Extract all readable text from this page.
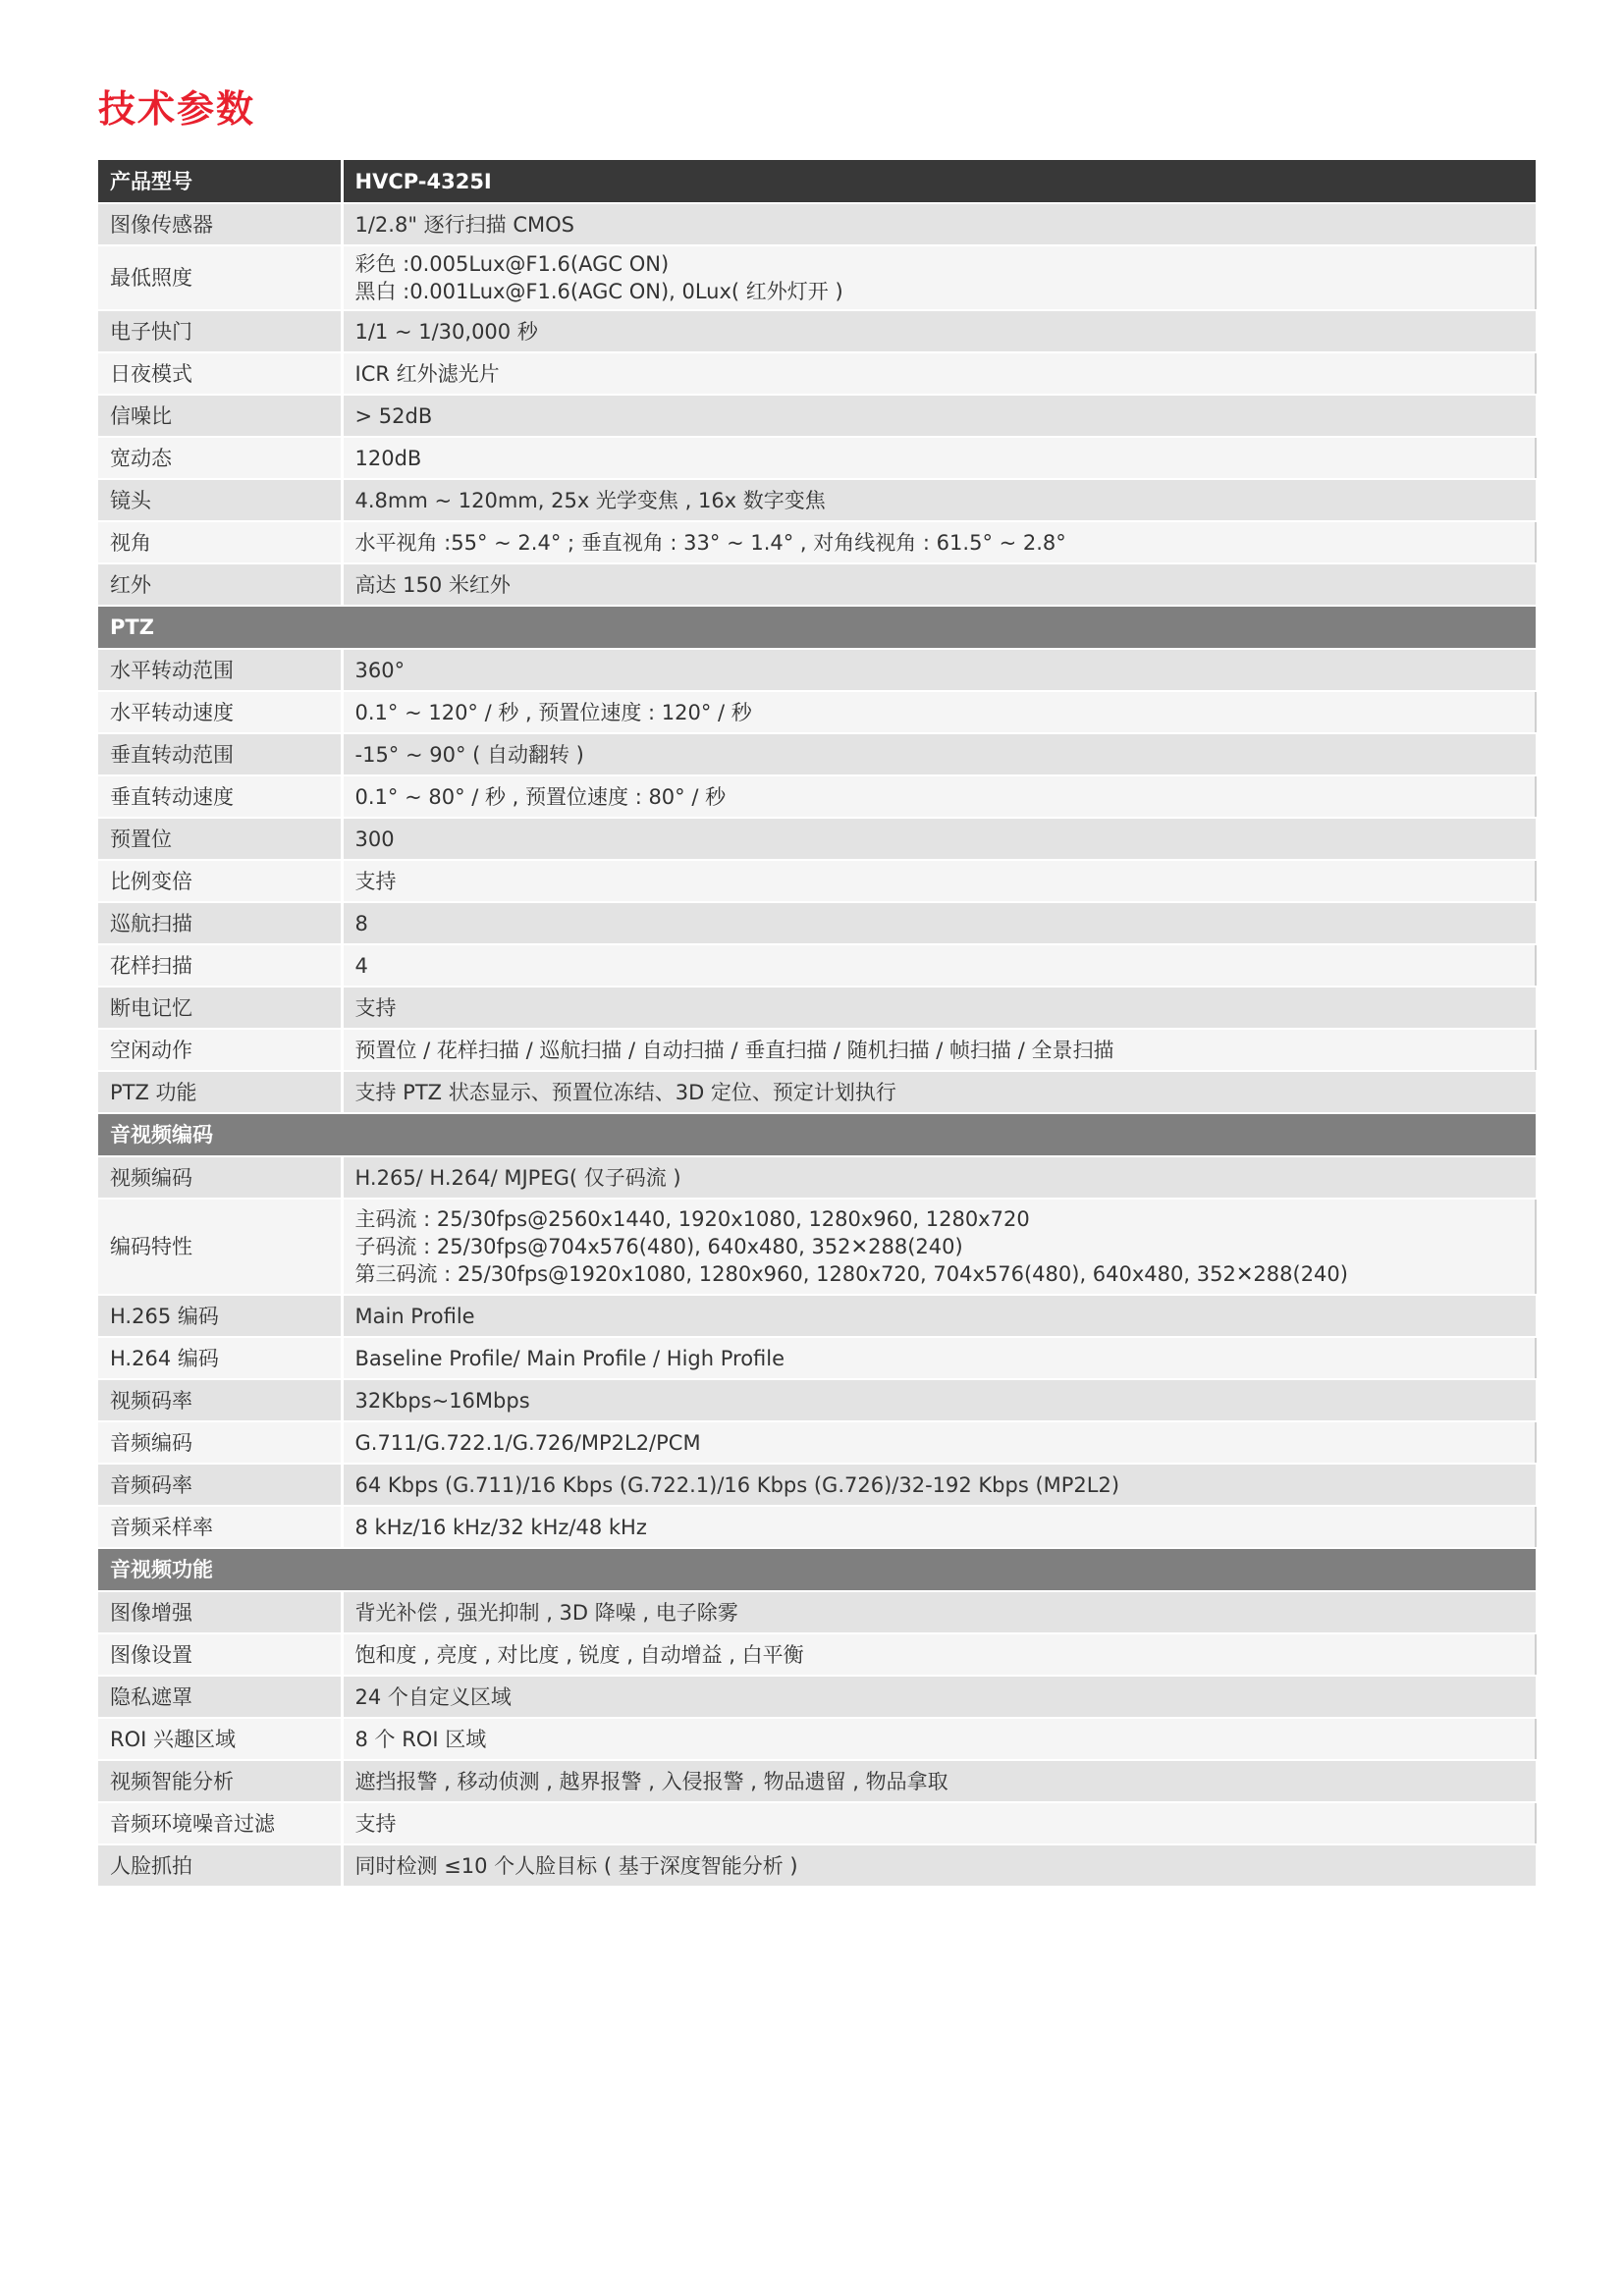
技术参数
产品型号	HVCP-4325I
图像传感器	1/2.8" 逐行扫描 CMOS

最低照度	彩色 :0.005Lux@F1.6(AGC ON)
黑白 :0.001Lux@F1.6(AGC ON), 0Lux( 红外灯开 )

电子快门	1/1 ~ 1/30,000 秒

日夜模式	ICR 红外滤光片

信噪比	> 52dB

宽动态	120dB

镜头	4.8mm ~ 120mm, 25x 光学变焦 , 16x 数字变焦

视角	水平视角 :55° ~ 2.4° ; 垂直视角 : 33° ~ 1.4° , 对角线视角 : 61.5° ~ 2.8°

红外	高达 150 米红外

PTZ	
水平转动范围	360°

水平转动速度	0.1° ~ 120° / 秒 , 预置位速度 : 120° / 秒

垂直转动范围	-15° ~ 90° ( 自动翻转 )

垂直转动速度	0.1° ~ 80° / 秒 , 预置位速度 : 80° / 秒

预置位	300

比例变倍	支持

巡航扫描	8

花样扫描	4

断电记忆	支持

空闲动作	预置位 / 花样扫描 / 巡航扫描 / 自动扫描 / 垂直扫描 / 随机扫描 / 帧扫描 / 全景扫描

PTZ 功能	支持 PTZ 状态显示、预置位冻结、3D 定位、预定计划执行

音视频编码	
视频编码	H.265/ H.264/ MJPEG( 仅子码流 )

编码特性	主码流 : 25/30fps@2560x1440, 1920x1080, 1280x960, 1280x720
子码流 : 25/30fps@704x576(480), 640x480, 352✕288(240)
第三码流 : 25/30fps@1920x1080, 1280x960, 1280x720, 704x576(480), 640x480, 352✕288(240)

H.265 编码	Main Profile

H.264 编码	Baseline Profile/ Main Profile / High Profile

视频码率	32Kbps~16Mbps

音频编码	G.711/G.722.1/G.726/MP2L2/PCM

音频码率	64 Kbps (G.711)/16 Kbps (G.722.1)/16 Kbps (G.726)/32-192 Kbps (MP2L2)

音频采样率	8 kHz/16 kHz/32 kHz/48 kHz

音视频功能	
图像增强	背光补偿 , 强光抑制 , 3D 降噪 , 电子除雾

图像设置	饱和度 , 亮度 , 对比度 , 锐度 , 自动增益 , 白平衡

隐私遮罩	24 个自定义区域

ROI 兴趣区域	8 个 ROI 区域

视频智能分析	遮挡报警 , 移动侦测 , 越界报警 , 入侵报警 , 物品遗留 , 物品拿取

音频环境噪音过滤	支持

人脸抓拍	同时检测 ≤10 个人脸目标 ( 基于深度智能分析 )
